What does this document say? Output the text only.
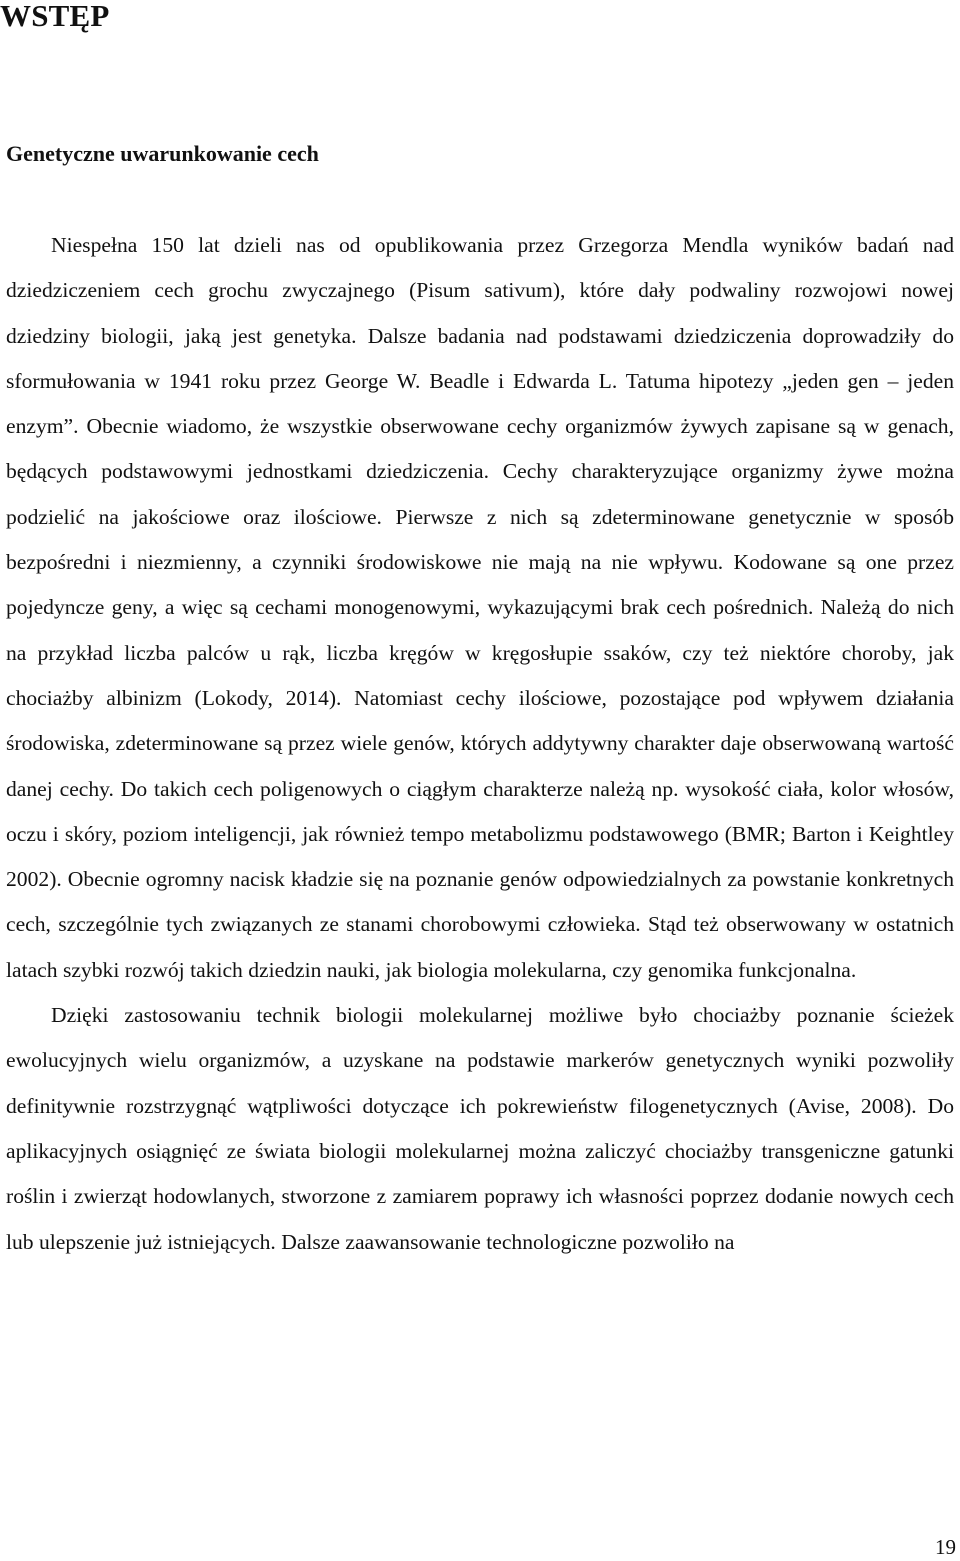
WSTĘP
Genetyczne uwarunkowanie cech

Niespełna 150 lat dzieli nas od opublikowania przez Grzegorza Mendla wyników badań nad dziedziczeniem cech grochu zwyczajnego (Pisum sativum), które dały podwaliny rozwojowi nowej dziedziny biologii, jaką jest genetyka. Dalsze badania nad podstawami dziedziczenia doprowadziły do sformułowania w 1941 roku przez George W. Beadle i Edwarda L. Tatuma hipotezy „jeden gen – jeden enzym”. Obecnie wiadomo, że wszystkie obserwowane cechy organizmów żywych zapisane są w genach, będących podstawowymi jednostkami dziedziczenia. Cechy charakteryzujące organizmy żywe można podzielić na jakościowe oraz ilościowe. Pierwsze z nich są zdeterminowane genetycznie w sposób bezpośredni i niezmienny, a czynniki środowiskowe nie mają na nie wpływu. Kodowane są one przez pojedyncze geny, a więc są cechami monogenowymi, wykazującymi brak cech pośrednich. Należą do nich na przykład liczba palców u rąk, liczba kręgów w kręgosłupie ssaków, czy też niektóre choroby, jak chociażby albinizm (Lokody, 2014). Natomiast cechy ilościowe, pozostające pod wpływem działania środowiska, zdeterminowane są przez wiele genów, których addytywny charakter daje obserwowaną wartość danej cechy. Do takich cech poligenowych o ciągłym charakterze należą np. wysokość ciała, kolor włosów, oczu i skóry, poziom inteligencji, jak również tempo metabolizmu podstawowego (BMR; Barton i Keightley 2002). Obecnie ogromny nacisk kładzie się na poznanie genów odpowiedzialnych za powstanie konkretnych cech, szczególnie tych związanych ze stanami chorobowymi człowieka. Stąd też obserwowany w ostatnich latach szybki rozwój takich dziedzin nauki, jak biologia molekularna, czy genomika funkcjonalna.

Dzięki zastosowaniu technik biologii molekularnej możliwe było chociażby poznanie ścieżek ewolucyjnych wielu organizmów, a uzyskane na podstawie markerów genetycznych wyniki pozwoliły definitywnie rozstrzygnąć wątpliwości dotyczące ich pokrewieństw filogenetycznych (Avise, 2008). Do aplikacyjnych osiągnięć ze świata biologii molekularnej można zaliczyć chociażby transgeniczne gatunki roślin i zwierząt hodowlanych, stworzone z zamiarem poprawy ich własności poprzez dodanie nowych cech lub ulepszenie już istniejących. Dalsze zaawansowanie technologiczne pozwoliło na

19
